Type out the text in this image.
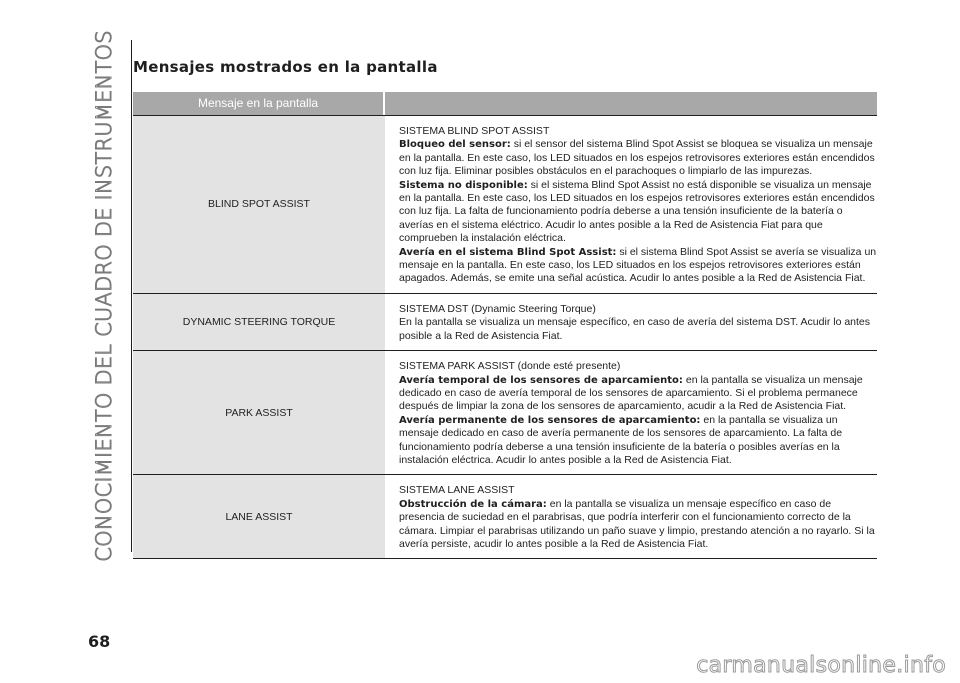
CONOCIMIENTO DEL CUADRO DE INSTRUMENTOS Mensajes mostrados en la pantalla
Mensaje en la pantalla
BLIND SPOT ASSIST

SISTEMA BLIND SPOT ASSIST

Bloqueo del sensor: si el sensor del sistema Blind Spot Assist se bloquea se visualiza un mensaje en la pantalla. En este caso, los LED situados en los espejos retrovisores exteriores están encendidos con luz fija. Eliminar posibles obstáculos en el parachoques o limpiarlo de las impurezas.

Sistema no disponible: si el sistema Blind Spot Assist no está disponible se visualiza un mensaje en la pantalla. En este caso, los LED situados en los espejos retrovisores exteriores están encendidos con luz fija. La falta de funcionamiento podría deberse a una tensión insuficiente de la batería o averías en el sistema eléctrico. Acudir lo antes posible a la Red de Asistencia Fiat para que comprueben la instalación eléctrica.

Avería en el sistema Blind Spot Assist: si el sistema Blind Spot Assist se avería se visualiza un mensaje en la pantalla. En este caso, los LED situados en los espejos retrovisores exteriores están apagados. Además, se emite una señal acústica. Acudir lo antes posible a la Red de Asistencia Fiat.

DYNAMIC STEERING TORQUE

SISTEMA DST (Dynamic Steering Torque)

En la pantalla se visualiza un mensaje específico, en caso de avería del sistema DST. Acudir lo antes posible a la Red de Asistencia Fiat.

PARK ASSIST

SISTEMA PARK ASSIST (donde esté presente)

Avería temporal de los sensores de aparcamiento: en la pantalla se visualiza un mensaje dedicado en caso de avería temporal de los sensores de aparcamiento. Si el problema permanece después de limpiar la zona de los sensores de aparcamiento, acudir a la Red de Asistencia Fiat.

Avería permanente de los sensores de aparcamiento: en la pantalla se visualiza un mensaje dedicado en caso de avería permanente de los sensores de aparcamiento. La falta de funcionamiento podría deberse a una tensión insuficiente de la batería o posibles averías en la instalación eléctrica. Acudir lo antes posible a la Red de Asistencia Fiat.

LANE ASSIST

SISTEMA LANE ASSIST

Obstrucción de la cámara: en la pantalla se visualiza un mensaje específico en caso de presencia de suciedad en el parabrisas, que podría interferir con el funcionamiento correcto de la cámara. Limpiar el parabrisas utilizando un paño suave y limpio, prestando atención a no rayarlo. Si la avería persiste, acudir lo antes posible a la Red de Asistencia Fiat.

68
carmanualsonline.info
